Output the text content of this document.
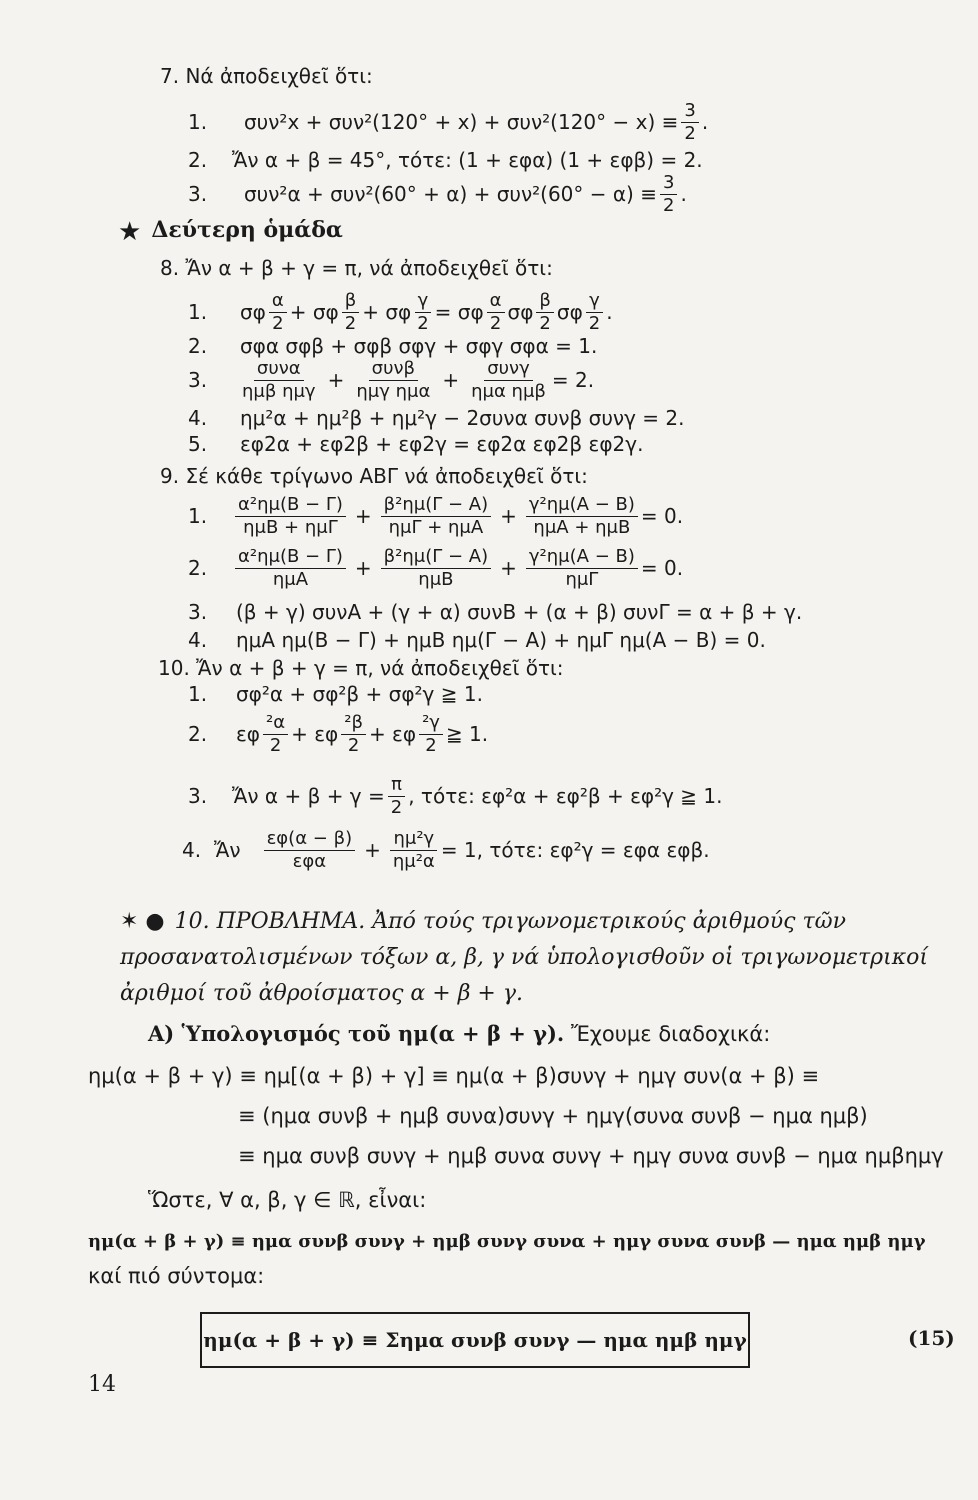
7. Νά ἀποδειχθεῖ ὅτι:
1. $\sigma\upsilon\nu^2x + \sigma\upsilon\nu^2(120^\circ + x) + \sigma\upsilon\nu^2(120^\circ - x) \equiv \frac{3}{2}$ .
2. Ἄν α + β = 45°, τότε: (1 + εφα) (1 + εφβ) = 2.
3. $\sigma\upsilon\nu^2\alpha + \sigma\upsilon\nu^2(60^\circ + \alpha) + \sigma\upsilon\nu^2(60^\circ - \alpha) \equiv \frac{3}{2}$ .
★ Δεύτερη ὁμάδα
8. Ἄν α + β + γ = π, νά ἀποδειχθεῖ ὅτι:
1. σφ $\frac{\alpha}{2} + \sigma\varphi \frac{\beta}{2} + \sigma\varphi \frac{\gamma}{2} = \sigma\varphi \frac{\alpha}{2}$ σφ $\frac{\beta}{2}$ σφ $\frac{\gamma}{2}$ .
2. σφα σφβ + σφβ σφγ + σφγ σφα = 1.
3. $\frac{\text{συνα}}{\text{ημβ ημγ}} + \frac{\text{συνβ}}{\text{ημγ ημα}} + \frac{\text{συνγ}}{\text{ημα ημβ}} = 2$.
4. ημ²α + ημ²β + ημ²γ − 2συνα συνβ συνγ = 2.
5. εφ2α + εφ2β + εφ2γ = εφ2α εφ2β εφ2γ.
9. Σέ κάθε τρίγωνο ΑΒΓ νά ἀποδειχθεῖ ὅτι:
1. $\frac{\text{α²ημ(Β − Γ)}}{\text{ημΒ + ημΓ}} + \frac{\text{β²ημ(Γ − Α)}}{\text{ημΓ + ημΑ}} + \frac{\text{γ²ημ(Α − Β)}}{\text{ημΑ + ημΒ}} = 0$.
2. $\frac{\text{α²ημ(Β − Γ)}}{\text{ημΑ}} + \frac{\text{β²ημ(Γ − Α)}}{\text{ημΒ}} + \frac{\text{γ²ημ(Α − Β)}}{\text{ημΓ}} = 0$.
3. (β + γ) συνΑ + (γ + α) συνΒ + (α + β) συνΓ = α + β + γ.
4. ημΑ ημ(Β − Γ) + ημΒ ημ(Γ − Α) + ημΓ ημ(Α − Β) = 0.
10. Ἄν α + β + γ = π, νά ἀποδειχθεῖ ὅτι:
1. σφ²α + σφ²β + σφ²γ ≧ 1.
2. εφ $\frac{\text{²α}}{2} + \varepsilon\varphi \frac{\text{²β}}{2} + \varepsilon\varphi \frac{\text{²γ}}{2}$ ≧ 1.
3. Ἄν $\alpha + \beta + \gamma = \frac{\pi}{2}$ , τότε: εφ²α + εφ²β + εφ²γ ≧ 1.
4. Ἄν $\frac{\varepsilon\varphi(\alpha - \beta)}{\text{εφα}} + \frac{\text{ημ²γ}}{\text{ημ²α}} = 1$, τότε: εφ²γ = εφα εφβ.
✶ ● 10. ΠΡΟΒΛΗΜΑ. Ἀπό τούς τριγωνομετρικούς ἀριθμούς τῶν προσανατολισμένων τόξων α, β, γ νά ὑπολογισθοῦν οἱ τριγωνομετρικοί ἀριθμοί τοῦ ἀθροίσματος α + β + γ.
Α) Ὑπολογισμός τοῦ ημ(α + β + γ). Ἔχουμε διαδοχικά:
ημ(α + β + γ) ≡ ημ[(α + β) + γ] ≡ ημ(α + β)συνγ + ημγ συν(α + β) ≡
≡ (ημα συνβ + ημβ συνα)συνγ + ημγ(συνα συνβ − ημα ημβ)
≡ ημα συνβ συνγ + ημβ συνα συνγ + ημγ συνα συνβ − ημα ημβημγ
Ὥστε, ∀ α, β, γ ∈ ℝ, εἶναι:
ημ(α + β + γ) ≡ ημα συνβ συνγ + ημβ συνγ συνα + ημγ συνα συνβ — ημα ημβ ημγ
καί πιό σύντομα:
ημ(α + β + γ) ≡ Σημα συνβ συνγ — ημα ημβ ημγ	(15)
14
